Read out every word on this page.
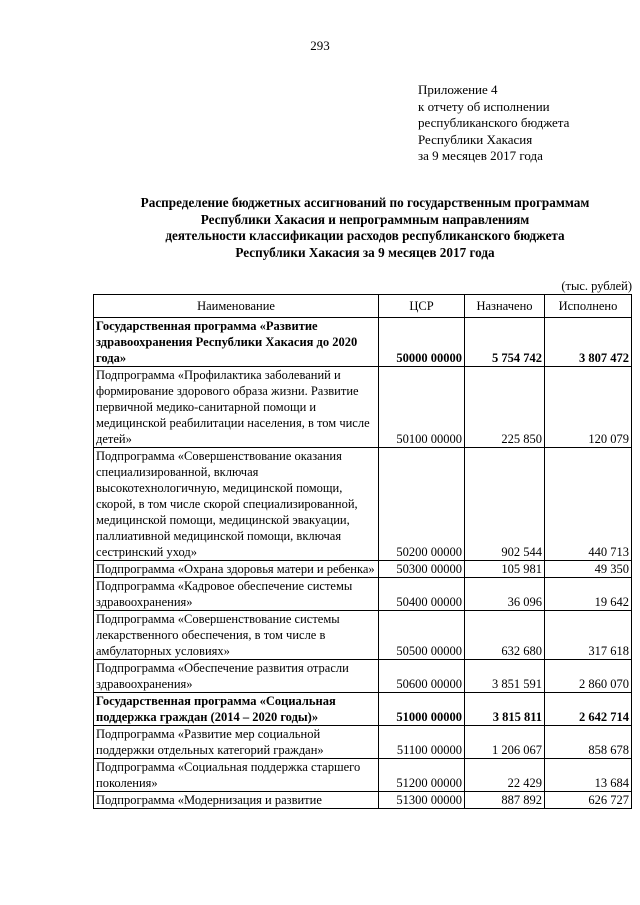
293
Приложение 4
к отчету об исполнении
республиканского бюджета
Республики Хакасия
за 9 месяцев 2017 года
Распределение бюджетных ассигнований по государственным программам
Республики Хакасия и непрограммным направлениям
деятельности классификации расходов республиканского бюджета
Республики Хакасия за 9 месяцев 2017 года
(тыс. рублей)
Наименование	ЦСР	Назначено	Исполнено
Государственная программа «Развитие здравоохранения Республики Хакасия до 2020 года»	50000 00000	5 754 742	3 807 472
Подпрограмма «Профилактика заболеваний и формирование здорового образа жизни. Развитие первичной медико-санитарной помощи и медицинской реабилитации населения, в том числе детей»	50100 00000	225 850	120 079
Подпрограмма «Совершенствование оказания специализированной, включая высокотехнологичную, медицинской помощи, скорой, в том числе скорой специализированной, медицинской помощи, медицинской эвакуации, паллиативной медицинской помощи, включая сестринский уход»	50200 00000	902 544	440 713
Подпрограмма «Охрана здоровья матери и ребенка»	50300 00000	105 981	49 350
Подпрограмма «Кадровое обеспечение системы здравоохранения»	50400 00000	36 096	19 642
Подпрограмма «Совершенствование системы лекарственного обеспечения, в том числе в амбулаторных условиях»	50500 00000	632 680	317 618
Подпрограмма «Обеспечение развития отрасли здравоохранения»	50600 00000	3 851 591	2 860 070
Государственная программа «Социальная поддержка граждан (2014 – 2020 годы)»	51000 00000	3 815 811	2 642 714
Подпрограмма «Развитие мер социальной поддержки отдельных категорий граждан»	51100 00000	1 206 067	858 678
Подпрограмма «Социальная поддержка старшего поколения»	51200 00000	22 429	13 684
Подпрограмма «Модернизация и развитие	51300 00000	887 892	626 727
